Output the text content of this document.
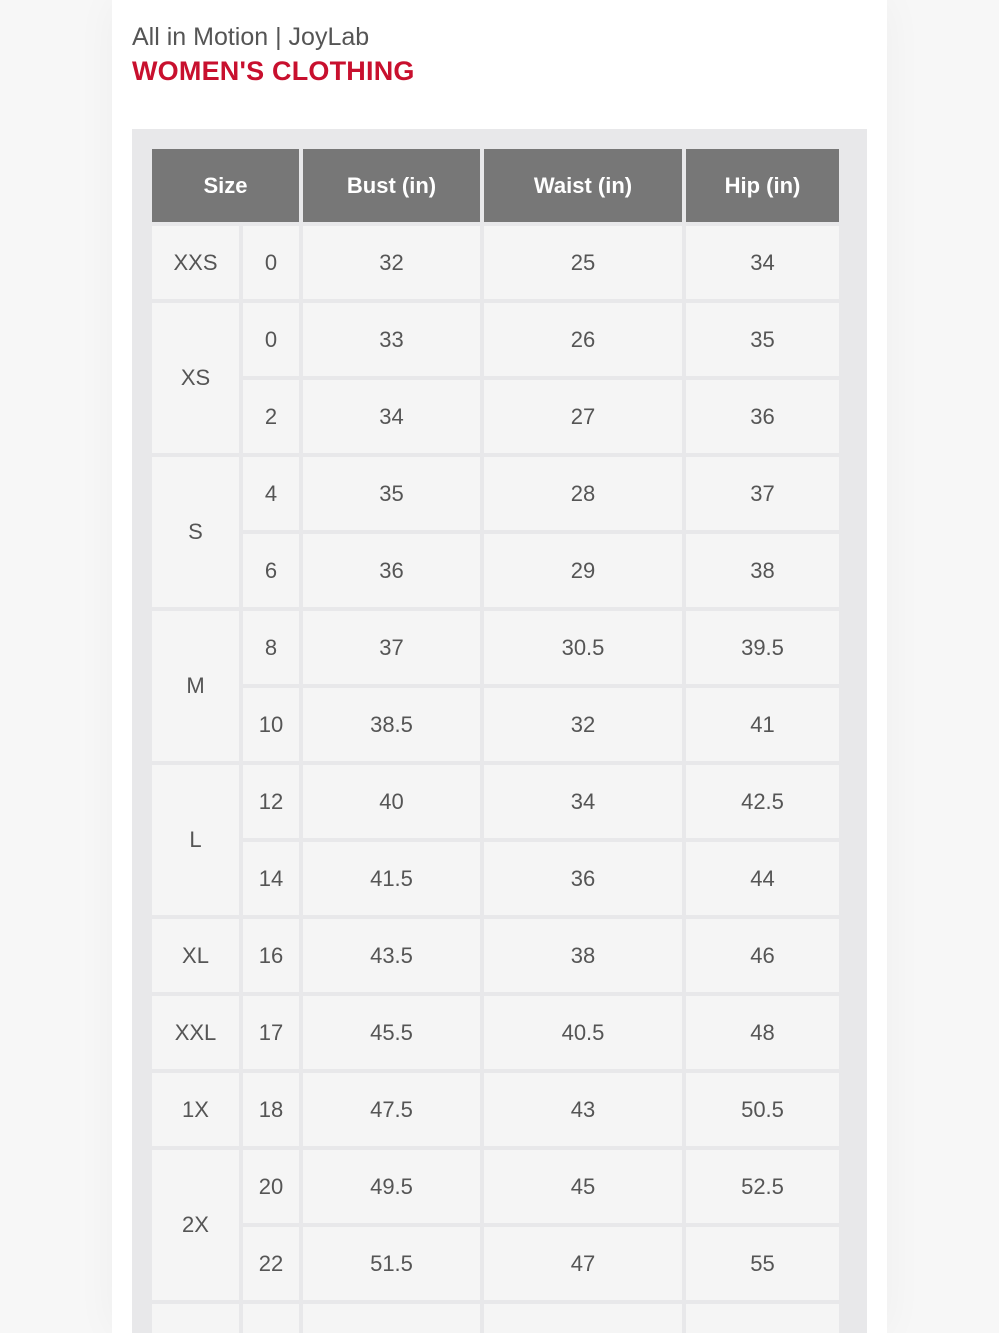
All in Motion | JoyLab
WOMEN'S CLOTHING
Size		Bust (in)	Waist (in)	Hip (in)
XXS	0	32	25	34
XS	0	33	26	35
	2	34	27	36
S	4	35	28	37
	6	36	29	38
M	8	37	30.5	39.5
	10	38.5	32	41
L	12	40	34	42.5
	14	41.5	36	44
XL	16	43.5	38	46
XXL	17	45.5	40.5	48
1X	18	47.5	43	50.5
2X	20	49.5	45	52.5
	22	51.5	47	55
